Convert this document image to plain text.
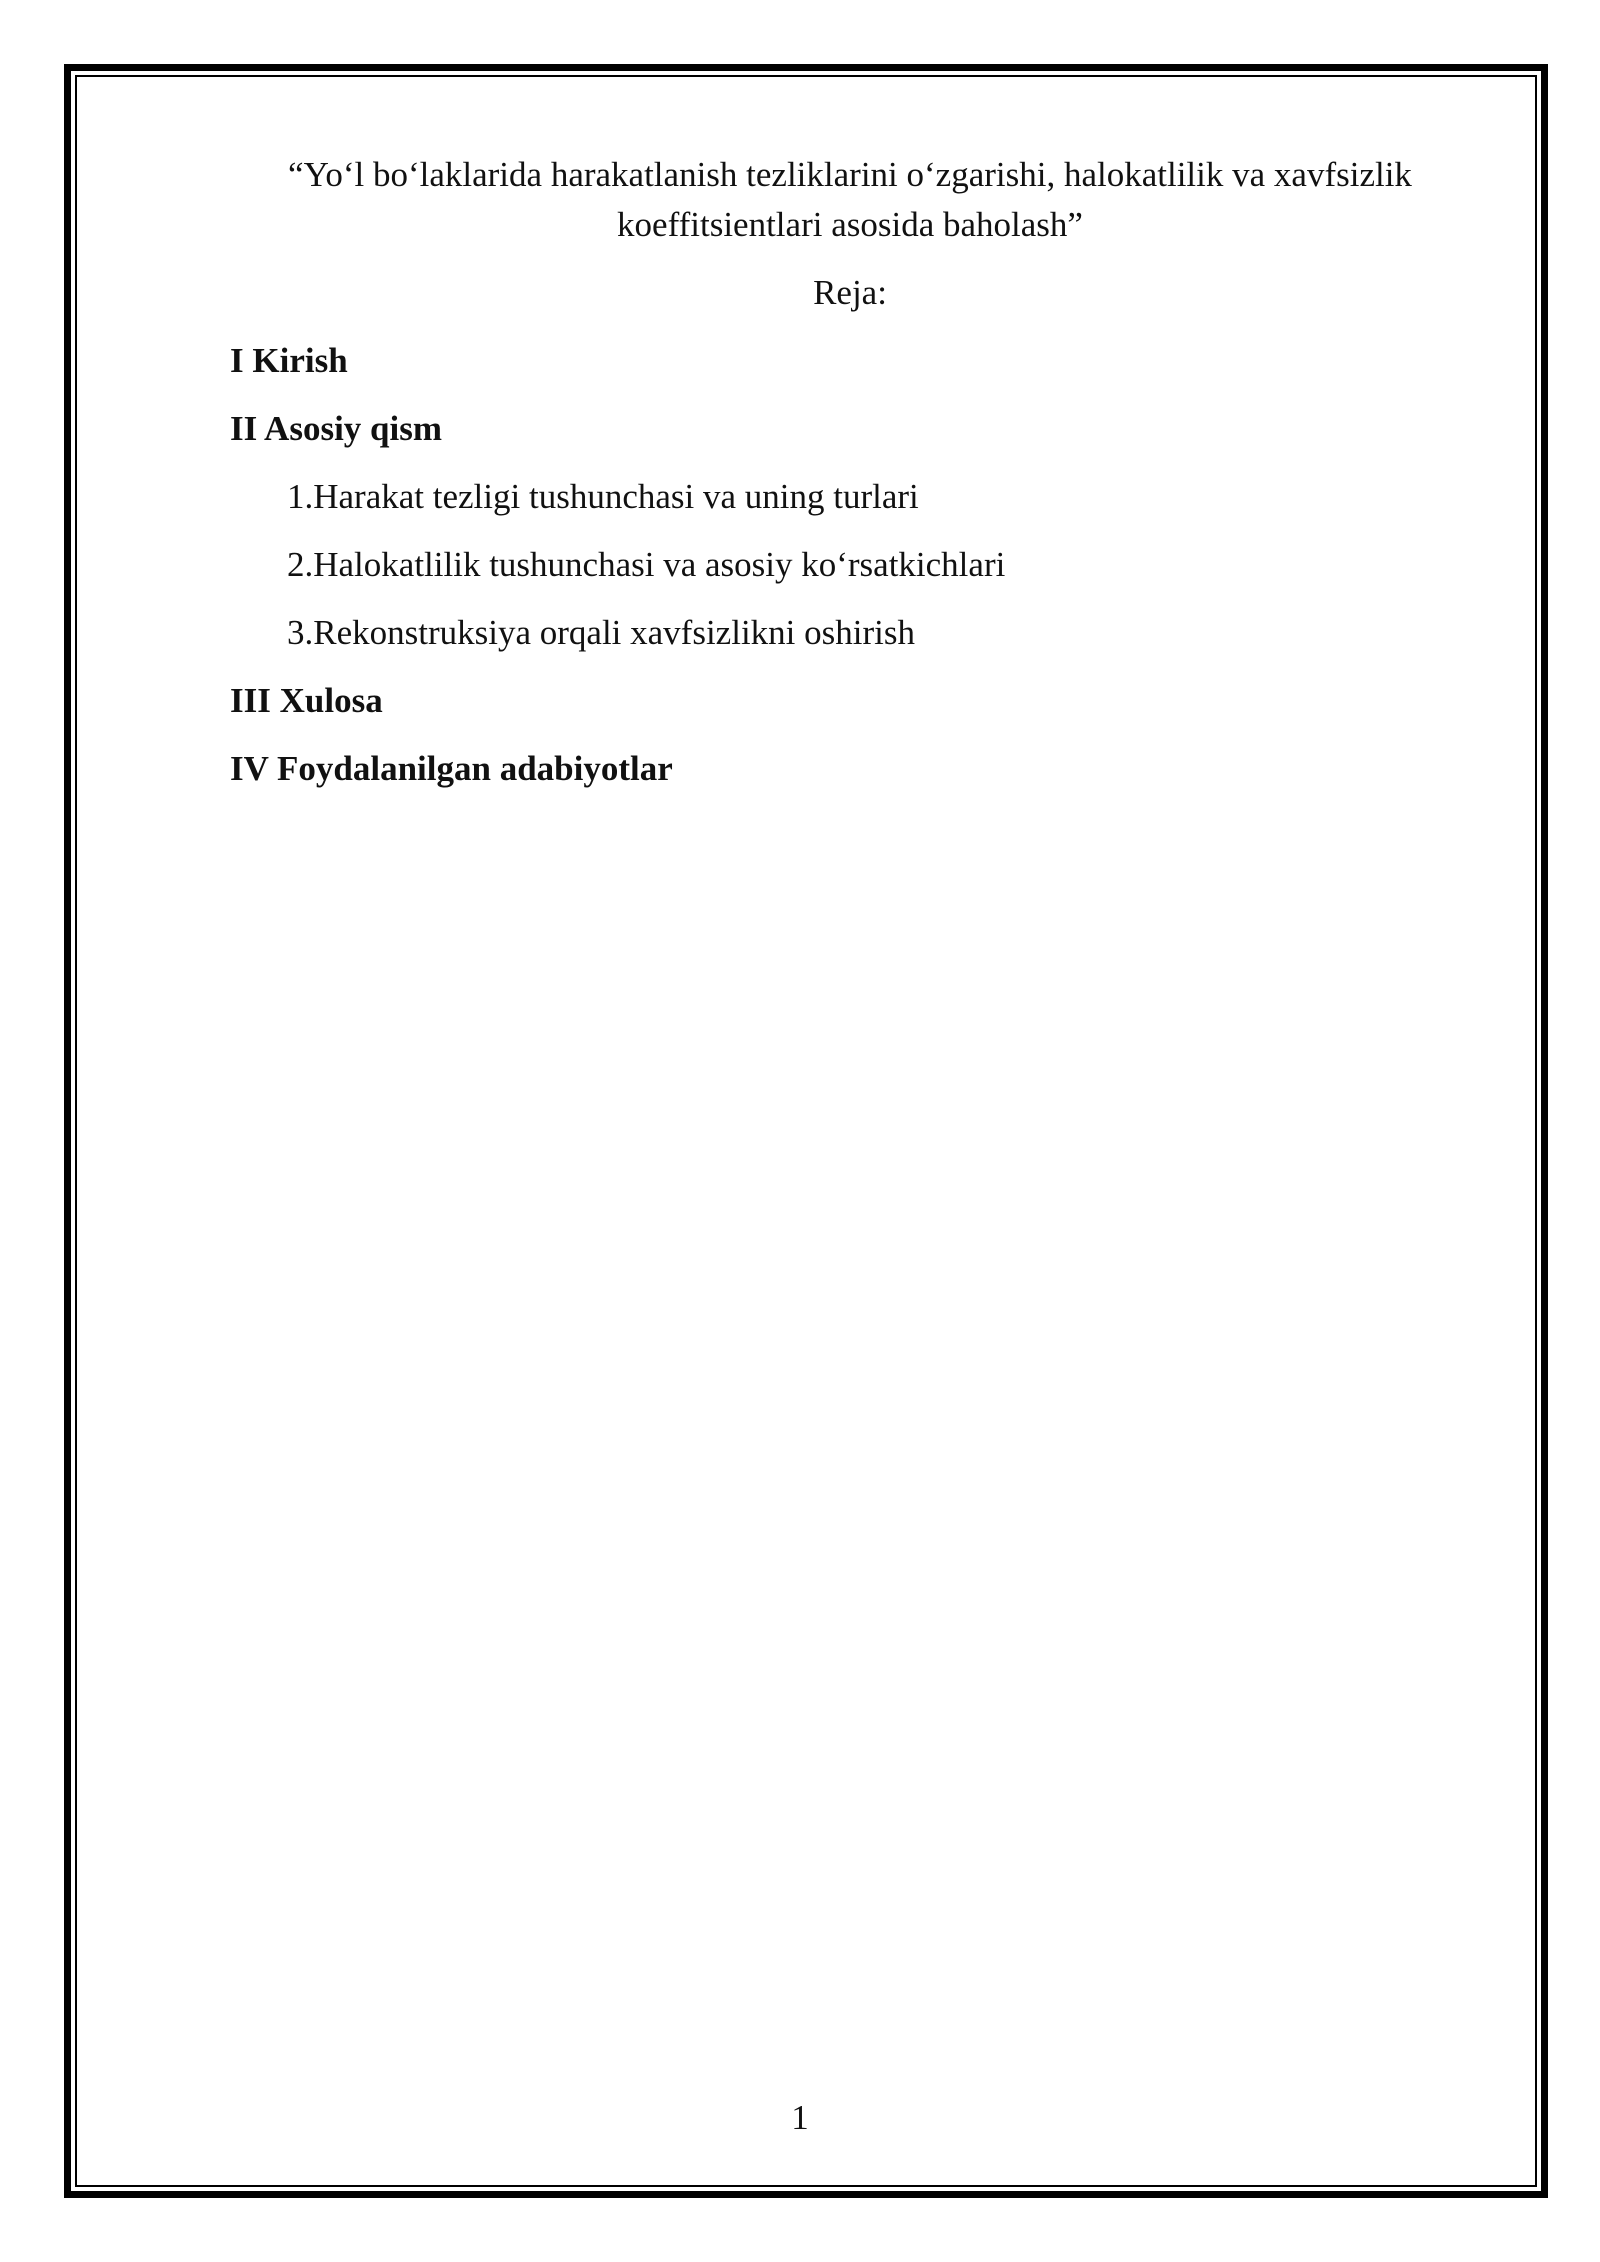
“Yo‘l bo‘laklarida harakatlanish tezliklarini o‘zgarishi, halokatlilik va xavfsizlik
koeffitsientlari asosida baholash”
Reja:
I Kirish
II Asosiy qism
1.Harakat tezligi tushunchasi va uning turlari
2.Halokatlilik tushunchasi va asosiy ko‘rsatkichlari
3.Rekonstruksiya orqali xavfsizlikni oshirish
III Xulosa
IV Foydalanilgan adabiyotlar
1
